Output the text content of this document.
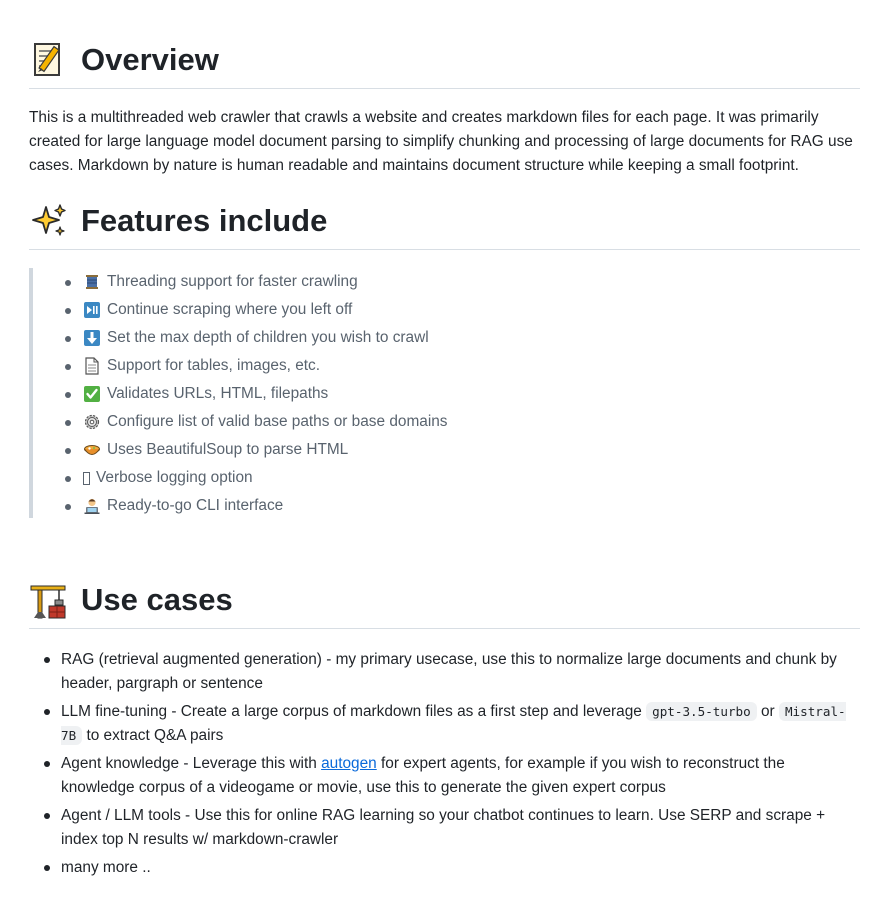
Overview

This is a multithreaded web crawler that crawls a website and creates markdown files for each page. It was primarily created for large language model document parsing to simplify chunking and processing of large documents for RAG use cases. Markdown by nature is human readable and maintains document structure while keeping a small footprint.

Features include
Threading support for faster crawling
Continue scraping where you left off
Set the max depth of children you wish to crawl
Support for tables, images, etc.
Validates URLs, HTML, filepaths
Configure list of valid base paths or base domains
Uses BeautifulSoup to parse HTML
Verbose logging option
Ready-to-go CLI interface
Use cases
RAG (retrieval augmented generation) - my primary usecase, use this to normalize large documents and chunk by header, pargraph or sentence
LLM fine-tuning - Create a large corpus of markdown files as a first step and leverage gpt-3.5-turbo or Mistral-7B to extract Q&A pairs
Agent knowledge - Leverage this with autogen for expert agents, for example if you wish to reconstruct the knowledge corpus of a videogame or movie, use this to generate the given expert corpus
Agent / LLM tools - Use this for online RAG learning so your chatbot continues to learn. Use SERP and scrape + index top N results w/ markdown-crawler
many more ..
